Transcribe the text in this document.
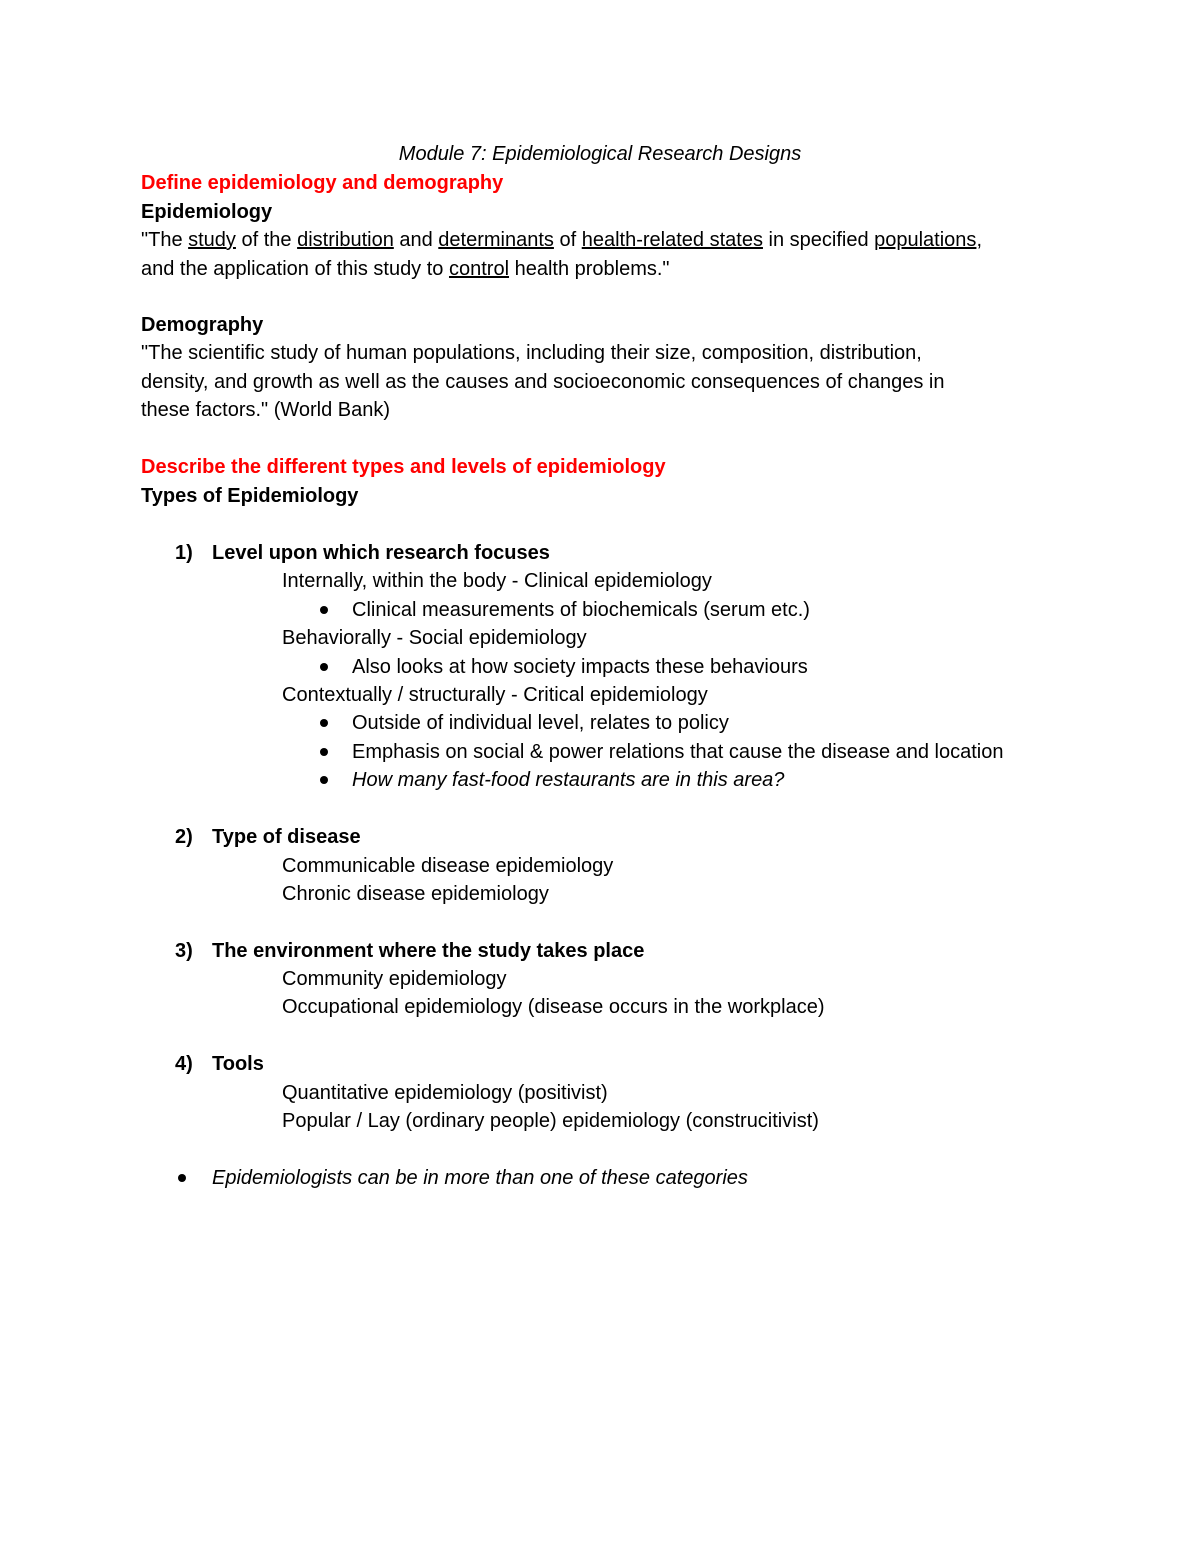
Module 7: Epidemiological Research Designs
Define epidemiology and demography
Epidemiology
"The study of the distribution and determinants of health-related states in specified populations,
and the application of this study to control health problems."
Demography
"The scientific study of human populations, including their size, composition, distribution,
density, and growth as well as the causes and socioeconomic consequences of changes in
these factors." (World Bank)
Describe the different types and levels of epidemiology
Types of Epidemiology
1) Level upon which research focuses
Internally, within the body - Clinical epidemiology
Clinical measurements of biochemicals (serum etc.)
Behaviorally - Social epidemiology
Also looks at how society impacts these behaviours
Contextually / structurally - Critical epidemiology
Outside of individual level, relates to policy
Emphasis on social & power relations that cause the disease and location
How many fast-food restaurants are in this area?
2) Type of disease
Communicable disease epidemiology
Chronic disease epidemiology
3) The environment where the study takes place
Community epidemiology
Occupational epidemiology (disease occurs in the workplace)
4) Tools
Quantitative epidemiology (positivist)
Popular / Lay (ordinary people) epidemiology (construcitivist)
Epidemiologists can be in more than one of these categories
